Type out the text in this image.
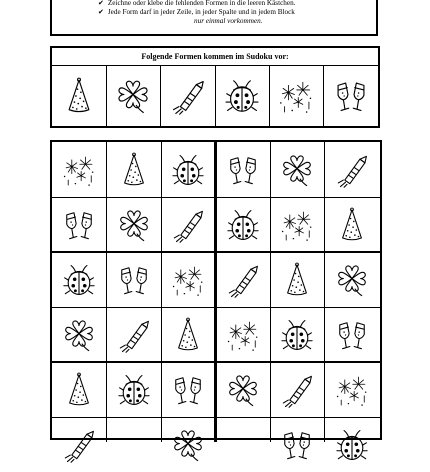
✔ Zeichne oder klebe die fehlenden Formen in die leeren Kästchen.
✔ Jede Form darf in jeder Zeile, in jeder Spalte und in jedem Block
nur einmal vorkommen.
Folgende Formen kommen im Sudoku vor:
